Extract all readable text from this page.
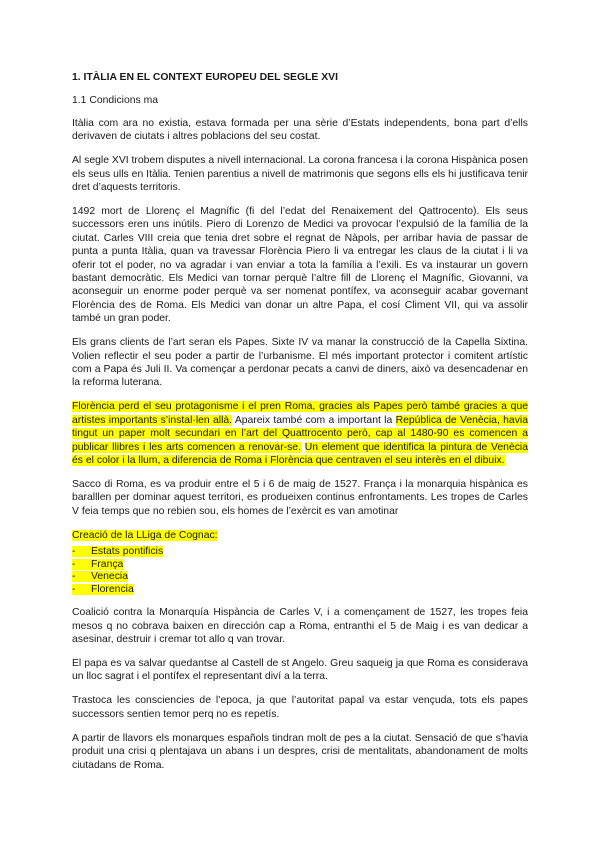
1. ITÀLIA EN EL CONTEXT EUROPEU DEL SEGLE XVI
1.1 Condicions ma

Itàlia com ara no existia, estava formada per una sèrie d’Estats independents, bona part d’ells derivaven de ciutats i altres poblacions del seu costat.

Al segle XVI trobem disputes a nivell internacional. La corona francesa i la corona Hispànica posen els seus ulls en Itàlia. Tenien parentius a nivell de matrimonis que segons ells els hi justificava tenir dret d’aquests territoris.

1492 mort de Llorenç el Magnífic (fi del l’edat del Renaixement del Qattrocento). Els seus successors eren uns inútils. Piero di Lorenzo de Medici va provocar l’expulsió de la família de la ciutat. Carles VIII creia que tenia dret sobre el regnat de Nàpols, per arribar havia de passar de punta a punta Itàlia, quan va travessar Florència Piero li va entregar les claus de la ciutat i li va oferir tot el poder, no va agradar i van enviar a tota la família a l’exili. Es va instaurar un govern bastant democràtic. Els Medici van tornar perquè l’altre fill de Llorenç el Magnífic, Giovanni, va aconseguir un enorme poder perquè va ser nomenat pontífex, va aconseguir acabar governant Florència des de Roma. Els Medici van donar un altre Papa, el cosí Climent VII, qui va assolir també un gran poder.

Els grans clients de l’art seran els Papes. Sixte IV va manar la construcció de la Capella Sixtina. Volien reflectir el seu poder a partir de l’urbanisme. El més important protector i comitent artístic com a Papa és Juli II. Va començar a perdonar pecats a canvi de diners, això va desencadenar en la reforma luterana.

Florència perd el seu protagonisme i el pren Roma, gracies als Papes però també gracies a que artistes importants s’instal·len allà. Apareix també com a important la República de Venècia, havia tingut un paper molt secundari en l’art del Quattrocento però, cap al 1480-90 es comencen a publicar llibres i les arts comencen a renovar-se. Un element que identifica la pintura de Venècia és el color i la llum, a diferencia de Roma i Florència que centraven el seu interès en el dibuix.

Sacco di Roma, es va produir entre el 5 i 6 de maig de 1527. França i la monarquia hispànica es baralllen per dominar aquest territori, es produeixen continus enfrontaments. Les tropes de Carles V feia temps que no rebien sou, els homes de l’exèrcit es van amotinar

Creació de la LLiga de Cognac:

- Estats pontificis
- França
- Venecia
- Florencia

Coalició contra la Monarquía Hispància de Carles V, i a començament de 1527, les tropes feia mesos q no cobrava baixen en dirección cap a Roma, entranthi el 5 de Maig i es van dedicar a asesinar, destruir i cremar tot allo q van trovar.

El papa es va salvar quedantse al Castell de st Angelo. Greu saqueig ja que Roma es considerava un lloc sagrat i el pontífex el representant diví a la terra.

Trastoca les consciencies de l’epoca, ja que l’autoritat papal va estar vençuda, tots els papes successors sentien temor perq no es repetís.

A partir de llavors els monarques españols tindran molt de pes a la ciutat. Sensació de que s’havia produit una crisi q plentajava un abans i un despres, crisi de mentalitats, abandonament de molts ciutadans de Roma.
